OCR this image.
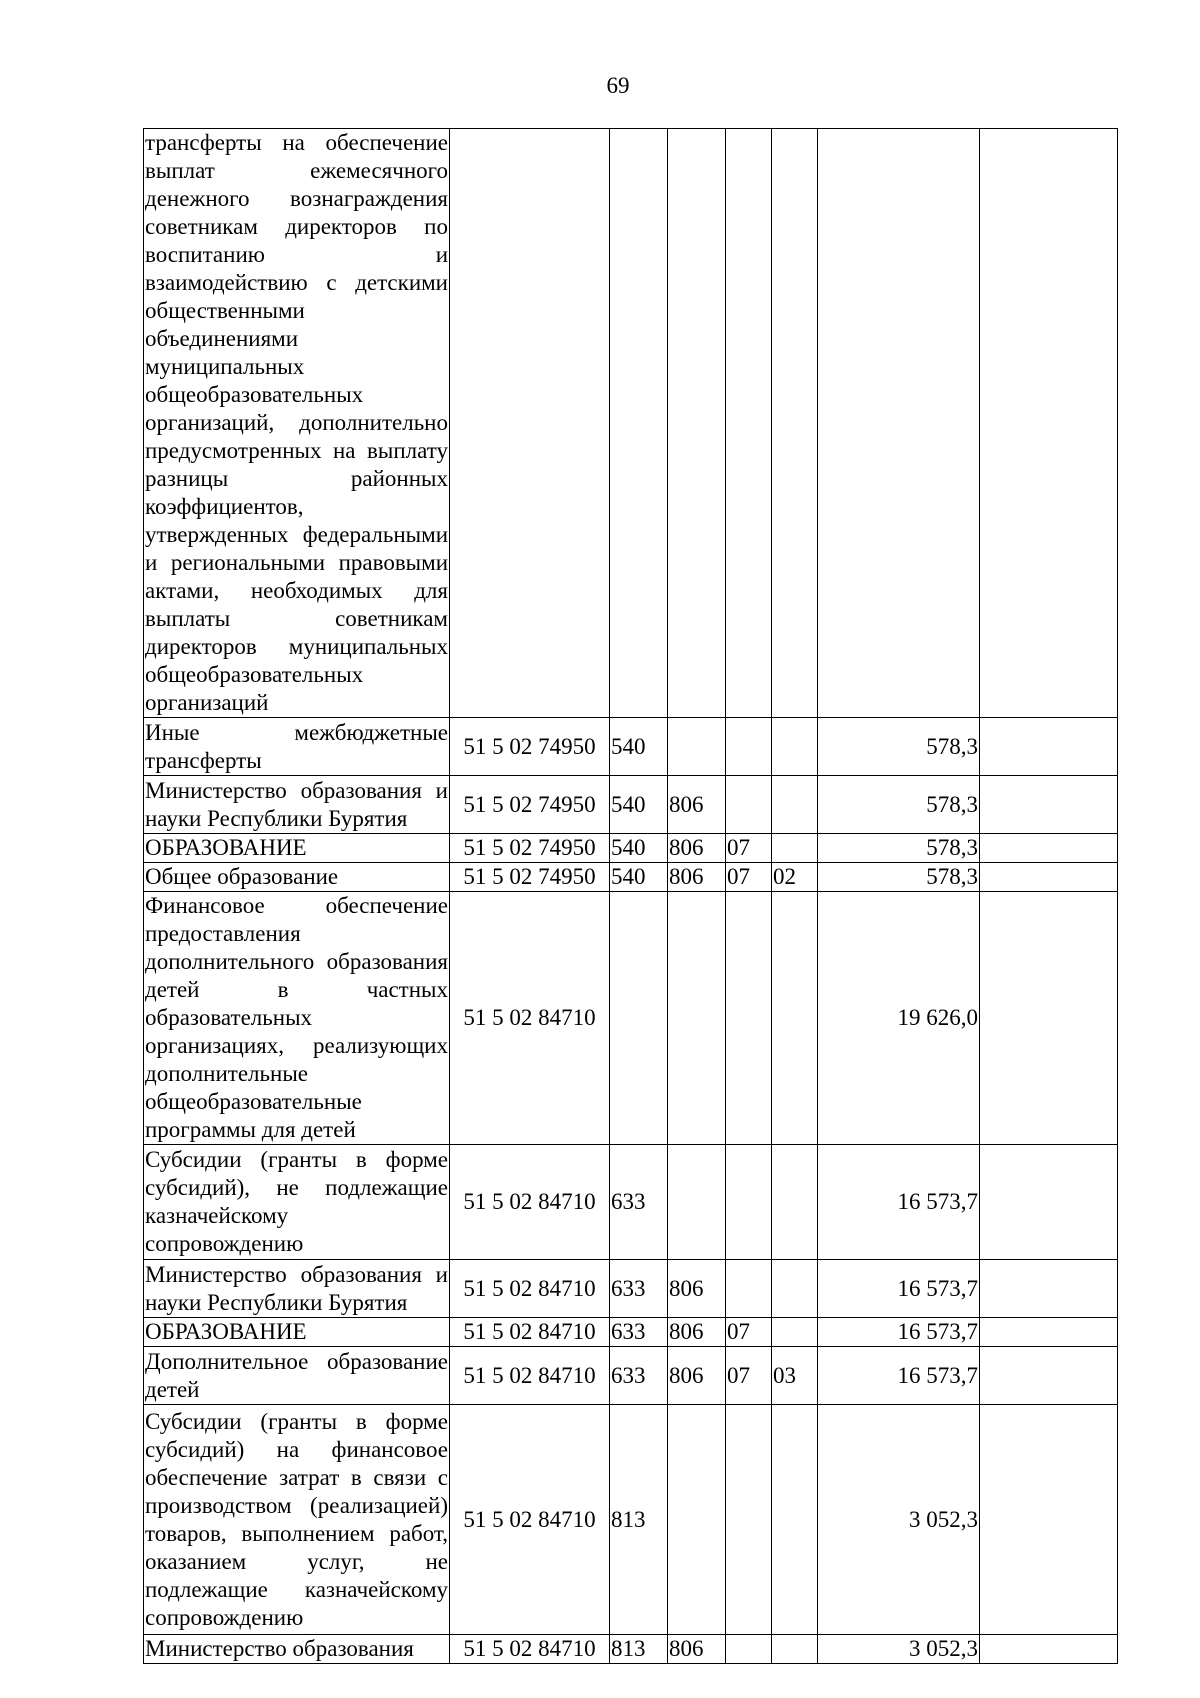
69
трансферты на обеспечение выплат ежемесячного денежного вознаграждения советникам директоров по воспитанию и взаимодействию с детскими общественными объединениями муниципальных общеобразовательных организаций, дополнительно предусмотренных на выплату разницы районных коэффициентов, утвержденных федеральными и региональными правовыми актами, необходимых для выплаты советникам директоров муниципальных общеобразовательных организаций							
Иные межбюджетные трансферты	51 5 02 74950	540				578,3	
Министерство образования и науки Республики Бурятия	51 5 02 74950	540	806			578,3	
ОБРАЗОВАНИЕ	51 5 02 74950	540	806	07		578,3	
Общее образование	51 5 02 74950	540	806	07	02	578,3	
Финансовое обеспечение предоставления дополнительного образования детей в частных образовательных организациях, реализующих дополнительные общеобразовательные программы для детей	51 5 02 84710					19 626,0	
Субсидии (гранты в форме субсидий), не подлежащие казначейскому сопровождению	51 5 02 84710	633				16 573,7	
Министерство образования и науки Республики Бурятия	51 5 02 84710	633	806			16 573,7	
ОБРАЗОВАНИЕ	51 5 02 84710	633	806	07		16 573,7	
Дополнительное образование детей	51 5 02 84710	633	806	07	03	16 573,7	
Субсидии (гранты в форме субсидий) на финансовое обеспечение затрат в связи с производством (реализацией) товаров, выполнением работ, оказанием услуг, не подлежащие казначейскому сопровождению	51 5 02 84710	813				3 052,3	
Министерство образования	51 5 02 84710	813	806			3 052,3	
